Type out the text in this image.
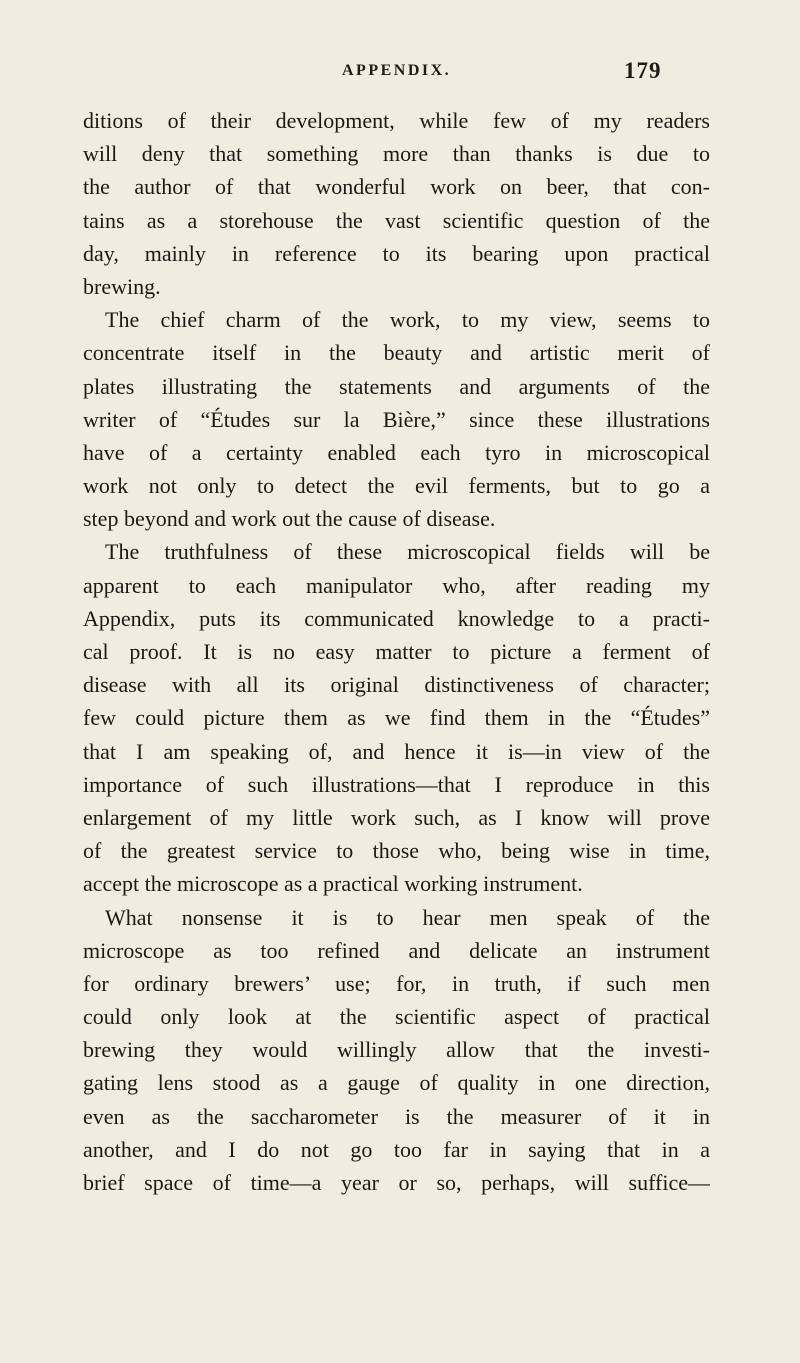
APPENDIX.	179
ditions of their development, while few of my readers
will deny that something more than thanks is due to
the author of that wonderful work on beer, that con-
tains as a storehouse the vast scientific question of the
day, mainly in reference to its bearing upon practical
brewing.
The chief charm of the work, to my view, seems to
concentrate itself in the beauty and artistic merit of
plates illustrating the statements and arguments of the
writer of “Études sur la Bière,” since these illustrations
have of a certainty enabled each tyro in microscopical
work not only to detect the evil ferments, but to go a
step beyond and work out the cause of disease.
The truthfulness of these microscopical fields will be
apparent to each manipulator who, after reading my
Appendix, puts its communicated knowledge to a practi-
cal proof. It is no easy matter to picture a ferment of
disease with all its original distinctiveness of character;
few could picture them as we find them in the “Études”
that I am speaking of, and hence it is—in view of the
importance of such illustrations—that I reproduce in this
enlargement of my little work such, as I know will prove
of the greatest service to those who, being wise in time,
accept the microscope as a practical working instrument.
What nonsense it is to hear men speak of the
microscope as too refined and delicate an instrument
for ordinary brewers’ use; for, in truth, if such men
could only look at the scientific aspect of practical
brewing they would willingly allow that the investi-
gating lens stood as a gauge of quality in one direction,
even as the saccharometer is the measurer of it in
another, and I do not go too far in saying that in a
brief space of time—a year or so, perhaps, will suffice—
